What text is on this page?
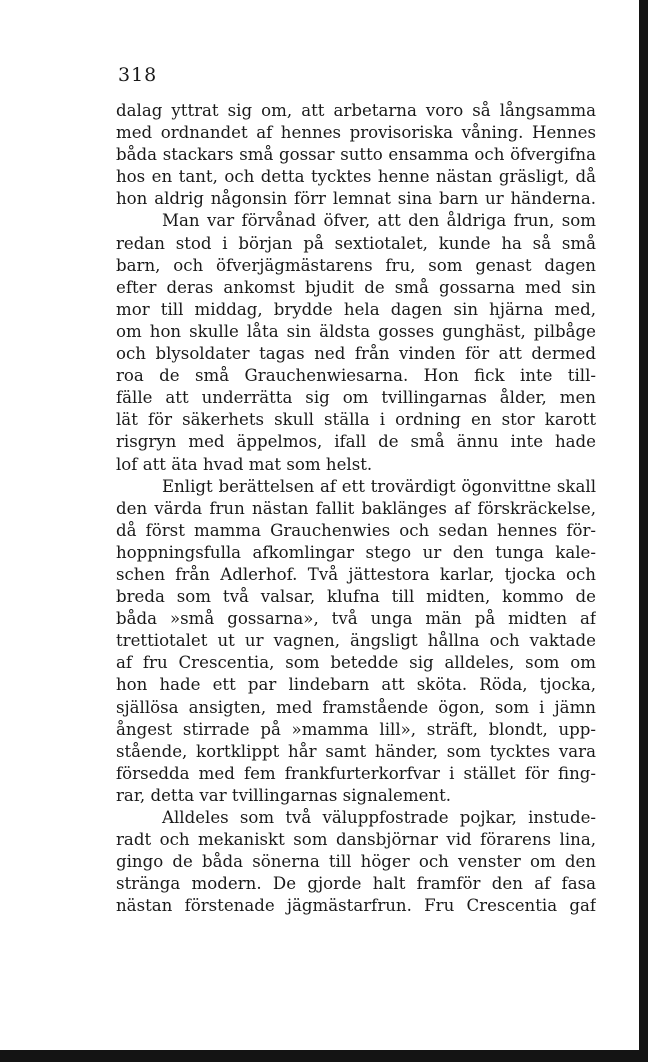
318
dalag yttrat sig om, att arbetarna voro så långsamma
med ordnandet af hennes provisoriska våning. Hennes
båda stackars små gossar sutto ensamma och öfvergifna
hos en tant, och detta tycktes henne nästan gräsligt, då
hon aldrig någonsin förr lemnat sina barn ur händerna.
Man var förvånad öfver, att den åldriga frun, som
redan stod i början på sextiotalet, kunde ha så små
barn, och öfverjägmästarens fru, som genast dagen
efter deras ankomst bjudit de små gossarna med sin
mor till middag, brydde hela dagen sin hjärna med,
om hon skulle låta sin äldsta gosses gunghäst, pilbåge
och blysoldater tagas ned från vinden för att dermed
roa de små Grauchenwiesarna. Hon fick inte till-
fälle att underrätta sig om tvillingarnas ålder, men
lät för säkerhets skull ställa i ordning en stor karott
risgryn med äppelmos, ifall de små ännu inte hade
lof att äta hvad mat som helst.
Enligt berättelsen af ett trovärdigt ögonvittne skall
den värda frun nästan fallit baklänges af förskräckelse,
då först mamma Grauchenwies och sedan hennes för-
hoppningsfulla afkomlingar stego ur den tunga kale-
schen från Adlerhof. Två jättestora karlar, tjocka och
breda som två valsar, klufna till midten, kommo de
båda »små gossarna», två unga män på midten af
trettiotalet ut ur vagnen, ängsligt hållna och vaktade
af fru Crescentia, som betedde sig alldeles, som om
hon hade ett par lindebarn att sköta. Röda, tjocka,
själlösa ansigten, med framstående ögon, som i jämn
ångest stirrade på »mamma lill», sträft, blondt, upp-
stående, kortklippt hår samt händer, som tycktes vara
försedda med fem frankfurterkorfvar i stället för fing-
rar, detta var tvillingarnas signalement.
Alldeles som två väluppfostrade pojkar, instude-
radt och mekaniskt som dansbjörnar vid förarens lina,
gingo de båda sönerna till höger och venster om den
stränga modern. De gjorde halt framför den af fasa
nästan förstenade jägmästarfrun. Fru Crescentia gaf
